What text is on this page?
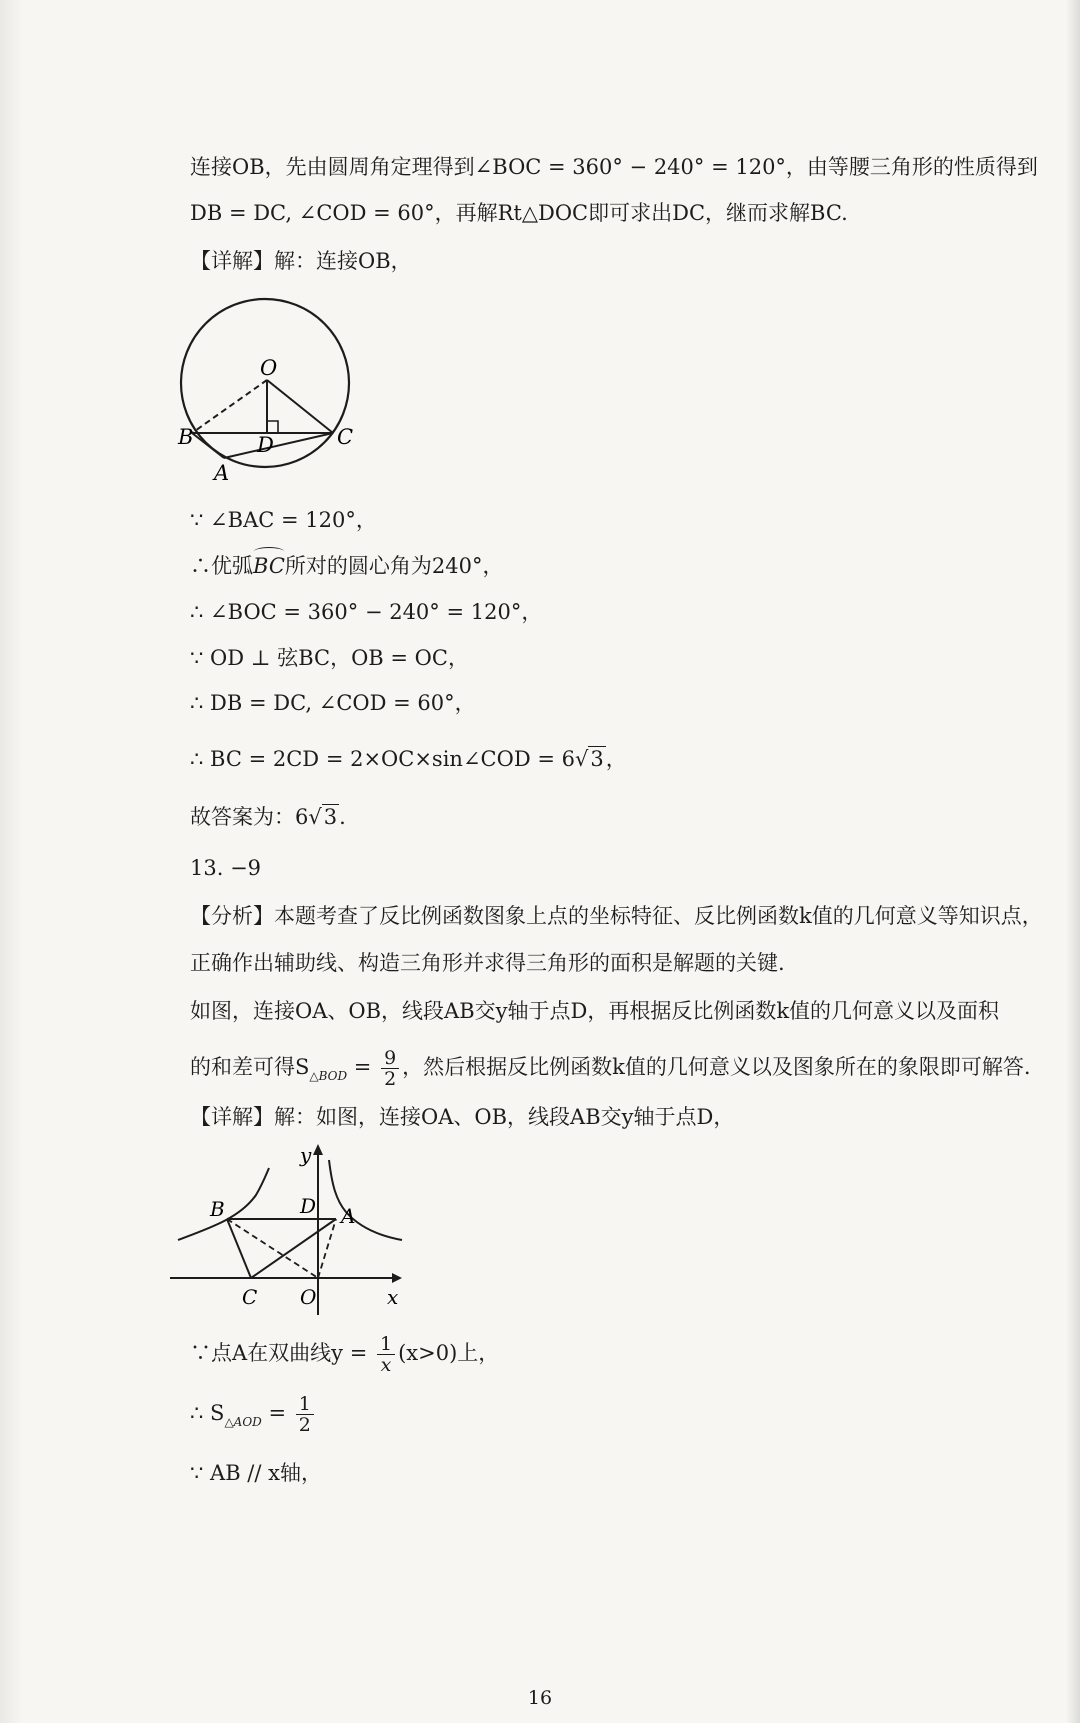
连接OB，先由圆周角定理得到∠BOC = 360° − 240° = 120°，由等腰三角形的性质得到
DB = DC, ∠COD = 60°，再解Rt△DOC即可求出DC，继而求解BC.
【详解】解：连接OB，
O
B	D	C
A
∵ ∠BAC = 120°，
∴优弧BC所对的圆心角为240°，
∴ ∠BOC = 360° − 240° = 120°，
∵ OD ⊥ 弦BC，OB = OC，
∴ DB = DC, ∠COD = 60°，
∴ BC = 2CD = 2×OC×sin∠COD = 6√3，
故答案为：6√3.
13. −9
【分析】本题考查了反比例函数图象上点的坐标特征、反比例函数k值的几何意义等知识点，
正确作出辅助线、构造三角形并求得三角形的面积是解题的关键.
如图，连接OA、OB，线段AB交y轴于点D，再根据反比例函数k值的几何意义以及面积
的和差可得$S_{\triangle BOD} = \frac{9}{2}$ ，然后根据反比例函数k值的几何意义以及图象所在的象限即可解答.
【详解】解：如图，连接OA、OB，线段AB交y轴于点D，
y
B	D A
C O	x
∵点A在双曲线$y = \frac{1}{x} (x>0)$上，
∴ $S_{\triangle AOD} = \frac{1}{2}$
∵ AB // x轴，
16
